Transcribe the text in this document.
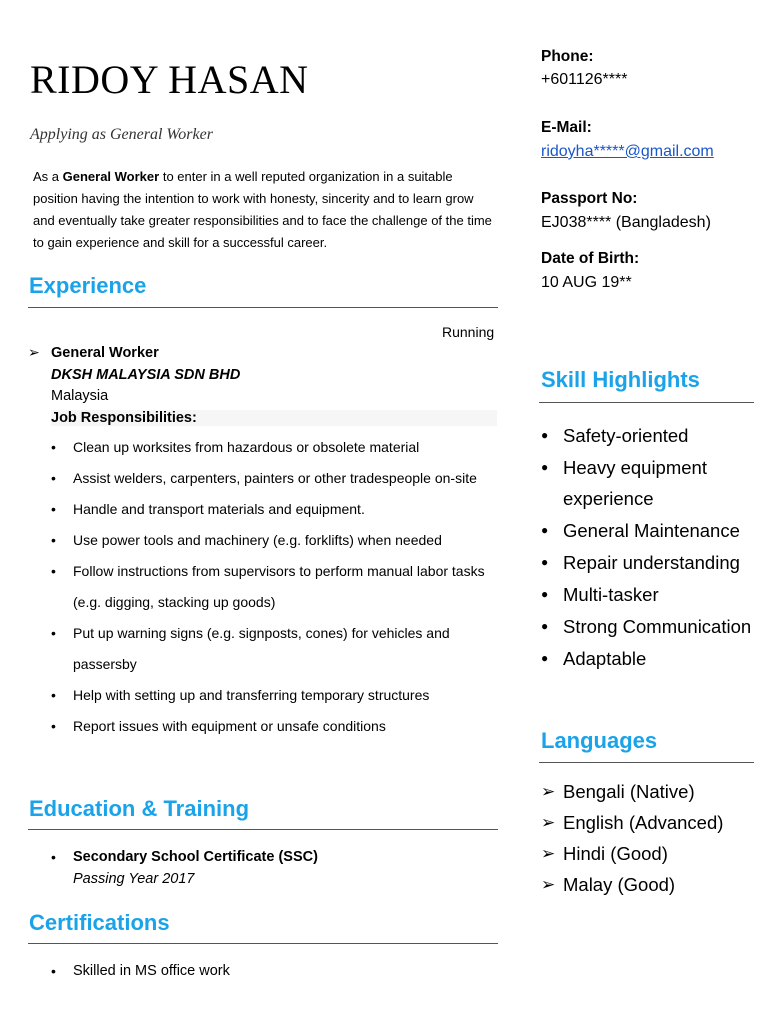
RIDOY HASAN

Applying as General Worker

As a General Worker to enter in a well reputed organization in a suitable position having the intention to work with honesty, sincerity and to learn grow and eventually take greater responsibilities and to face the challenge of the time to gain experience and skill for a successful career.

Experience
Running
➢ General Worker
DKSH MALAYSIA SDN BHD
Malaysia
Job Responsibilities:
• Clean up worksites from hazardous or obsolete material
• Assist welders, carpenters, painters or other tradespeople on-site
• Handle and transport materials and equipment.
• Use power tools and machinery (e.g. forklifts) when needed
• Follow instructions from supervisors to perform manual labor tasks (e.g. digging, stacking up goods)
• Put up warning signs (e.g. signposts, cones) for vehicles and passersby
• Help with setting up and transferring temporary structures
• Report issues with equipment or unsafe conditions
Education & Training
• Secondary School Certificate (SSC)
Passing Year 2017
Certifications
• Skilled in MS office work
Phone:
+601126****
E-Mail:
ridoyha*****@gmail.com
Passport No:
EJ038**** (Bangladesh)
Date of Birth:
10 AUG 19**
Skill Highlights
● Safety-oriented
● Heavy equipment experience
● General Maintenance
● Repair understanding
● Multi-tasker
● Strong Communication
● Adaptable
Languages
➢ Bengali (Native)
➢ English (Advanced)
➢ Hindi (Good)
➢ Malay (Good)
